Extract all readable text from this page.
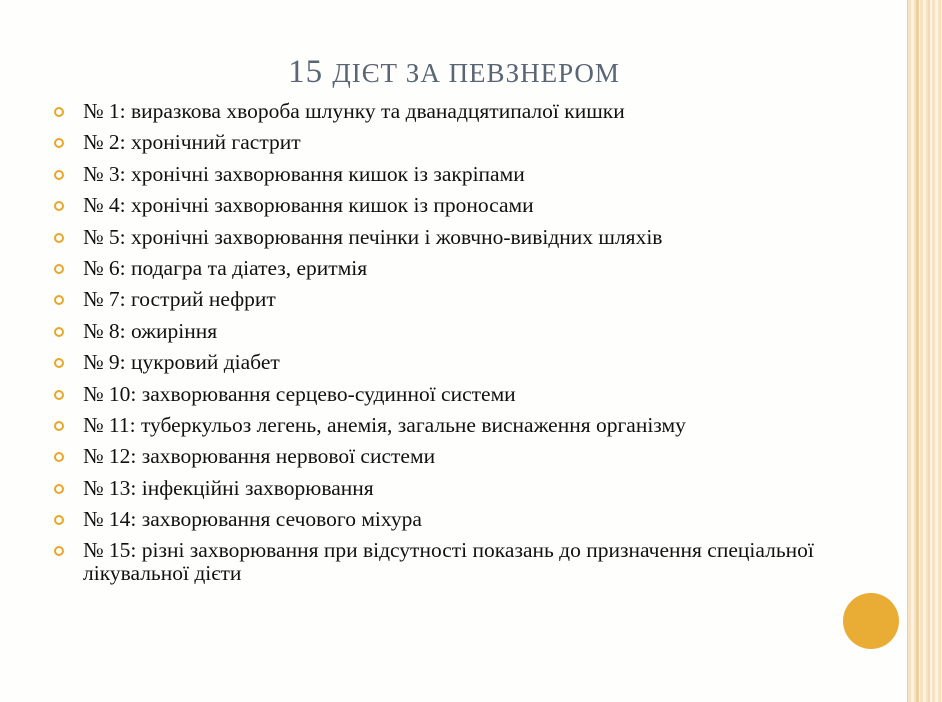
15 ДІЄТ ЗА ПЕВЗНЕРОМ
№ 1: виразкова хвороба шлунку та дванадцятипалої кишки
№ 2: хронічний гастрит
№ 3: хронічні захворювання кишок із закріпами
№ 4: хронічні захворювання кишок із проносами
№ 5: хронічні захворювання печінки і жовчно-вивідних шляхів
№ 6: подагра та діатез, еритмія
№ 7: гострий нефрит
№ 8: ожиріння
№ 9: цукровий діабет
№ 10: захворювання серцево-судинної системи
№ 11: туберкульоз легень, анемія, загальне виснаження організму
№ 12: захворювання нервової системи
№ 13: інфекційні захворювання
№ 14: захворювання сечового міхура
№ 15: різні захворювання при відсутності показань до призначення спеціальної лікувальної дієти
